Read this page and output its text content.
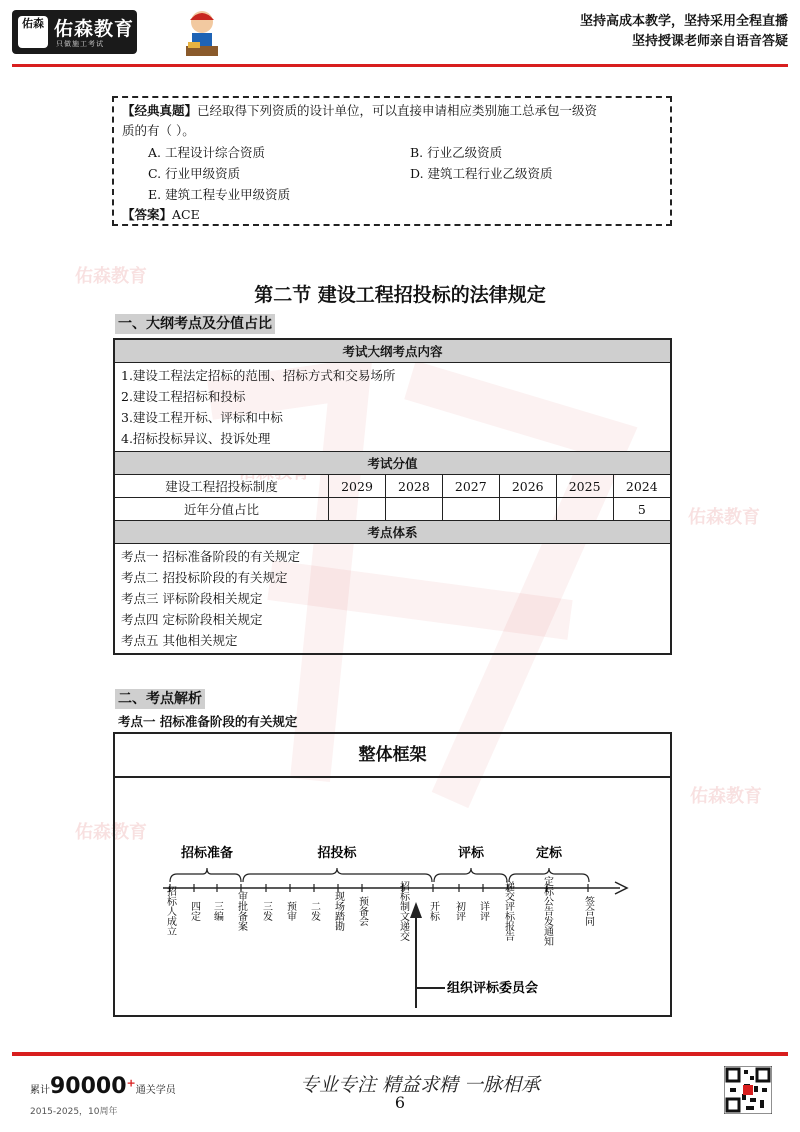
佑森 佑森教育
只做施工考试
坚持高成本教学，坚持采用全程直播
坚持授课老师亲自语音答疑
佑森教育
佑森教育
佑森教育
佑森教育
【经典真题】已经取得下列资质的设计单位，可以直接申请相应类别施工总承包一级资
质的有（ ）。
A. 工程设计综合资质	B. 行业乙级资质
C. 行业甲级资质	D. 建筑工程行业乙级资质
E. 建筑工程专业甲级资质
【答案】ACE
第二节 建设工程招投标的法律规定
一、大纲考点及分值占比
考试大纲考点内容						

1.建设工程法定招标的范围、招标方式和交易场所
2.建设工程招标和投标
3.建设工程开标、评标和中标
4.招标投标异议、投诉处理						

考试分值						
建设工程招投标制度	2029	2028	2027	2026	2025	2024
近年分值占比						5
考点体系						

考点一 招标准备阶段的有关规定
考点二 招投标阶段的有关规定
考点三 评标阶段相关规定
考点四 定标阶段相关规定
考点五 其他相关规定						
二、考点解析
考点一 招标准备阶段的有关规定
整体框架
招标准备	招投标	评标	定标
招标人成立 四定 三编 审批备案 三发 预审 二发 现场踏勘 预备会	招标制文递交 开标 初评 详评 递交评标报告	定标公告发通知	签合同
组织评标委员会
累计90000+通关学员
2015-2025，10周年
专业专注 精益求精 一脉相承
6
